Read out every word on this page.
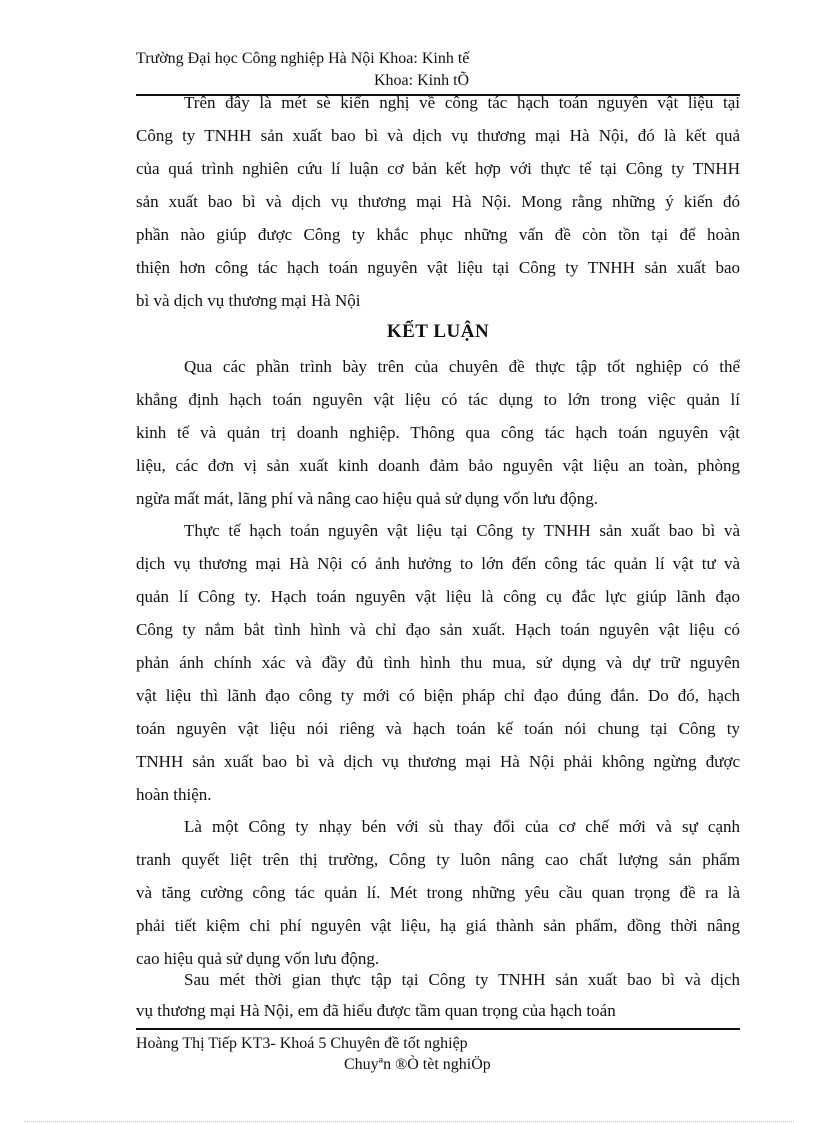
Trường Đại học Công nghiệp Hà Nội Khoa: Kinh tế
Khoa: Kinh tÕ
Trên đây là mét sè kiến nghị về công tác hạch toán nguyên vật liệu tại
Công ty TNHH sản xuất bao bì và dịch vụ thương mại Hà Nội, đó là kết quả
của quá trình nghiên cứu lí luận cơ bản kết hợp với thực tế tại Công ty TNHH
sản xuất bao bì và dịch vụ thương mại Hà Nội. Mong rằng những ý kiến đó
phần nào giúp được Công ty khắc phục những vấn đề còn tồn tại để hoàn
thiện hơn công tác hạch toán nguyên vật liệu tại Công ty TNHH sản xuất bao
bì và dịch vụ thương mại Hà Nội
KẾT LUẬN
Qua các phần trình bày trên của chuyên đề thực tập tốt nghiệp có thể
khẳng định hạch toán nguyên vật liệu có tác dụng to lớn trong việc quản lí
kinh tế và quản trị doanh nghiệp. Thông qua công tác hạch toán nguyên vật
liệu, các đơn vị sản xuất kinh doanh đảm bảo nguyên vật liệu an toàn, phòng
ngừa mất mát, lãng phí và nâng cao hiệu quả sử dụng vốn lưu động.
Thực tế hạch toán nguyên vật liệu tại Công ty TNHH sản xuất bao bì và
dịch vụ thương mại Hà Nội có ảnh hưởng to lớn đến công tác quản lí vật tư và
quản lí Công ty. Hạch toán nguyên vật liệu là công cụ đắc lực giúp lãnh đạo
Công ty nắm bắt tình hình và chỉ đạo sản xuất. Hạch toán nguyên vật liệu có
phản ánh chính xác và đầy đủ tình hình thu mua, sử dụng và dự trữ nguyên
vật liệu thì lãnh đạo công ty mới có biện pháp chỉ đạo đúng đắn. Do đó, hạch
toán nguyên vật liệu nói riêng và hạch toán kế toán nói chung tại Công ty
TNHH sản xuất bao bì và dịch vụ thương mại Hà Nội phải không ngừng được
hoàn thiện.
Là một Công ty nhạy bén với sù thay đổi của cơ chế mới và sự cạnh
tranh quyết liệt trên thị trường, Công ty luôn nâng cao chất lượng sản phẩm
và tăng cường công tác quản lí. Mét trong những yêu cầu quan trọng đề ra là
phải tiết kiệm chi phí nguyên vật liệu, hạ giá thành sản phẩm, đồng thời nâng
cao hiệu quả sử dụng vốn lưu động.
Sau mét thời gian thực tập tại Công ty TNHH sản xuất bao bì và dịch
vụ thương mại Hà Nội, em đã hiểu được tầm quan trọng của hạch toán
Hoàng Thị Tiếp KT3- Khoá 5 Chuyên đề tốt nghiệp
Chuyªn ®Ò tèt nghiÖp
